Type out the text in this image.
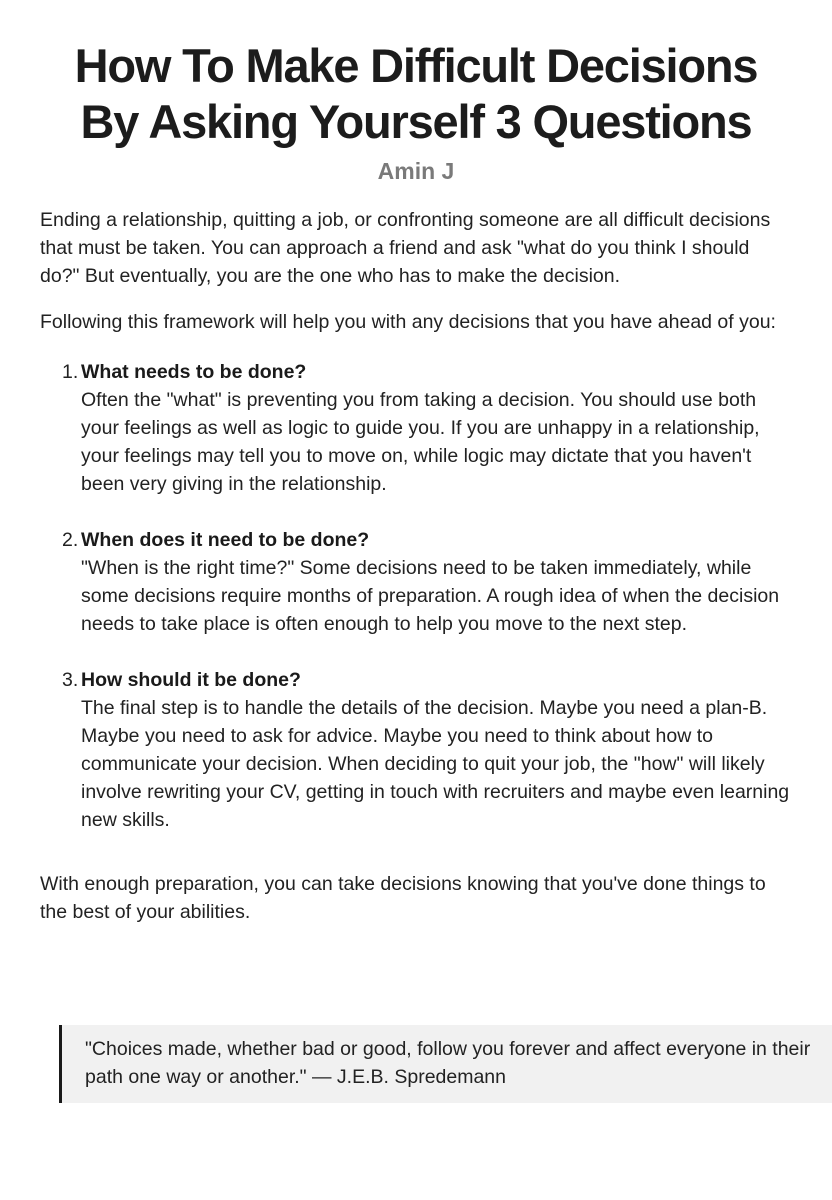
How To Make Difficult Decisions By Asking Yourself 3 Questions
Amin J

Ending a relationship, quitting a job, or confronting someone are all difficult decisions that must be taken. You can approach a friend and ask "what do you think I should do?" But eventually, you are the one who has to make the decision.

Following this framework will help you with any decisions that you have ahead of you:

1. What needs to be done?
Often the "what" is preventing you from taking a decision. You should use both your feelings as well as logic to guide you. If you are unhappy in a relationship, your feelings may tell you to move on, while logic may dictate that you haven't been very giving in the relationship.
2. When does it need to be done?
"When is the right time?" Some decisions need to be taken immediately, while some decisions require months of preparation. A rough idea of when the decision needs to take place is often enough to help you move to the next step.
3. How should it be done?
The final step is to handle the details of the decision. Maybe you need a plan-B. Maybe you need to ask for advice. Maybe you need to think about how to communicate your decision. When deciding to quit your job, the "how" will likely involve rewriting your CV, getting in touch with recruiters and maybe even learning new skills.

With enough preparation, you can take decisions knowing that you've done things to the best of your abilities.

"Choices made, whether bad or good, follow you forever and affect everyone in their path one way or another." — J.E.B. Spredemann
